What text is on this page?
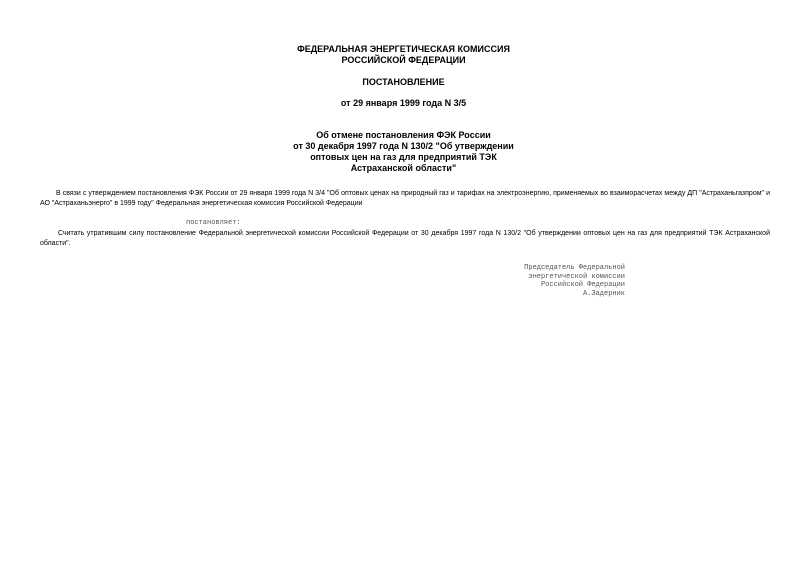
ФЕДЕРАЛЬНАЯ ЭНЕРГЕТИЧЕСКАЯ КОМИССИЯ
РОССИЙСКОЙ ФЕДЕРАЦИИ
ПОСТАНОВЛЕНИЕ
от 29 января 1999 года N 3/5
Об отмене постановления ФЭК России
от 30 декабря 1997 года N 130/2 "Об утверждении
оптовых цен на газ для предприятий ТЭК
Астраханской области"
В связи с утверждением постановления ФЭК России от 29 января 1999 года N 3/4 "Об оптовых ценах на природный газ и тарифах на электроэнергию, применяемых во взаиморасчетах между ДП "Астраханьгазпром" и АО "Астраханьэнерго" в 1999 году" Федеральная энергетическая комиссия Российской Федерации
постановляет:
Считать утратившим силу постановление Федеральной энергетической комиссии Российской Федерации от 30 декабря 1997 года N 130/2 "Об утверждении оптовых цен на газ для предприятий ТЭК Астраханской области".
Председатель Федеральной
энергетической комиссии
Российской Федерации
А.Задерник
